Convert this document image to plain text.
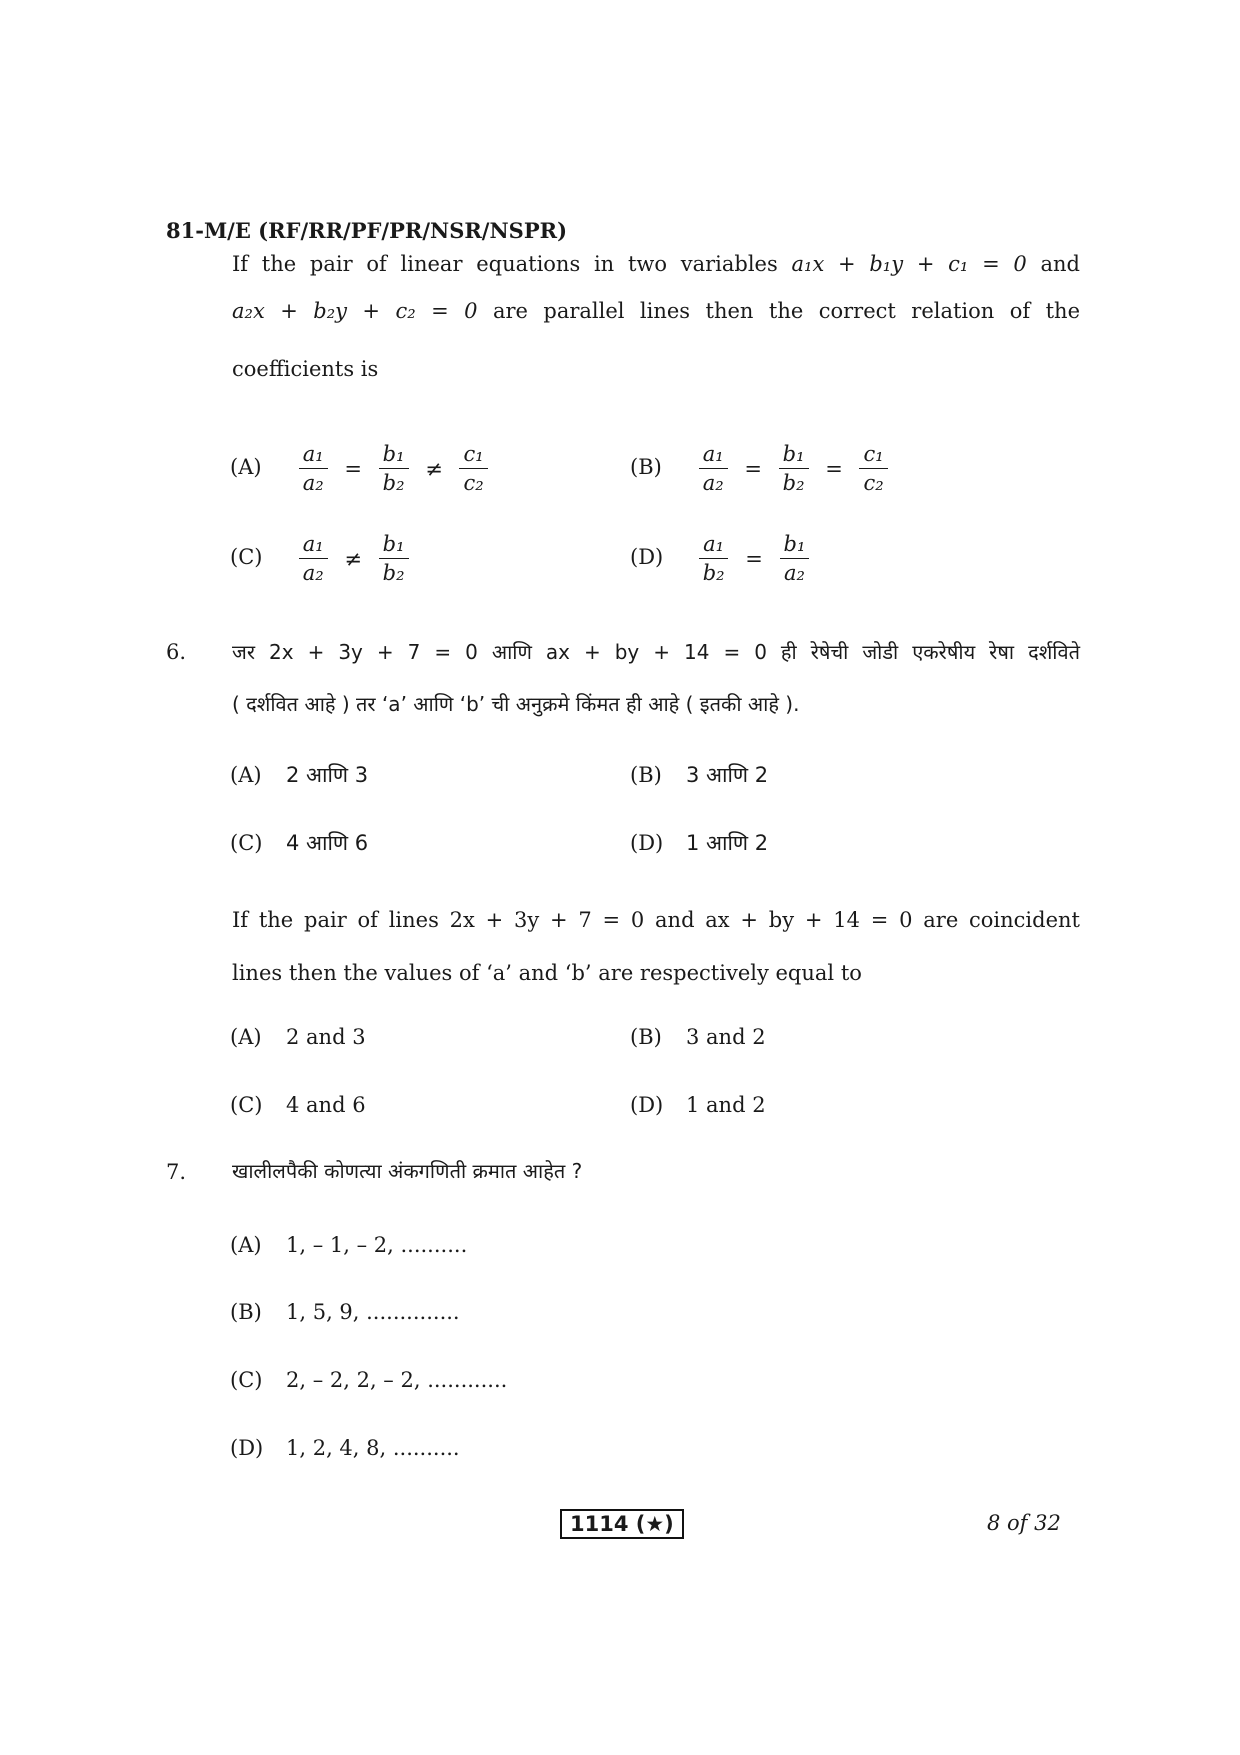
81-M/E (RF/RR/PF/PR/NSR/NSPR)
If the pair of linear equations in two variables a₁x + b₁y + c₁ = 0 and
a₂x + b₂y + c₂ = 0 are parallel lines then the correct relation of the
coefficients is
$(A) \frac{\text{a₁}}{\text{a₂}} = \frac{\text{b₁}}{\text{b₂}} \ne \frac{\text{c₁}}{\text{c₂}}$	$(B) \frac{\text{a₁}}{\text{a₂}} = \frac{\text{b₁}}{\text{b₂}} = \frac{\text{c₁}}{\text{c₂}}$
$(C) \frac{\text{a₁}}{\text{a₂}} \ne \frac{\text{b₁}}{\text{b₂}}$	$(D) \frac{\text{a₁}}{\text{b₂}} = \frac{\text{b₁}}{\text{a₂}}$
6. जर 2x + 3y + 7 = 0 आणि ax + by + 14 = 0 ही रेषेची जोडी एकरेषीय रेषा दर्शविते
( दर्शवित आहे ) तर ‘a’ आणि ‘b’ ची अनुक्रमे किंमत ही आहे ( इतकी आहे ).
(A) 2 आणि 3	(B) 3 आणि 2
(C) 4 आणि 6	(D) 1 आणि 2
If the pair of lines 2x + 3y + 7 = 0 and ax + by + 14 = 0 are coincident
lines then the values of ‘a’ and ‘b’ are respectively equal to
(A) 2 and 3	(B) 3 and 2
(C) 4 and 6	(D) 1 and 2
7. खालीलपैकी कोणत्या अंकगणिती क्रमात आहेत ?
(A) 1, – 1, – 2, ..........
(B) 1, 5, 9, ..............
(C) 2, – 2, 2, – 2, ............
(D) 1, 2, 4, 8, ..........
1114 (★)	8 of 32
